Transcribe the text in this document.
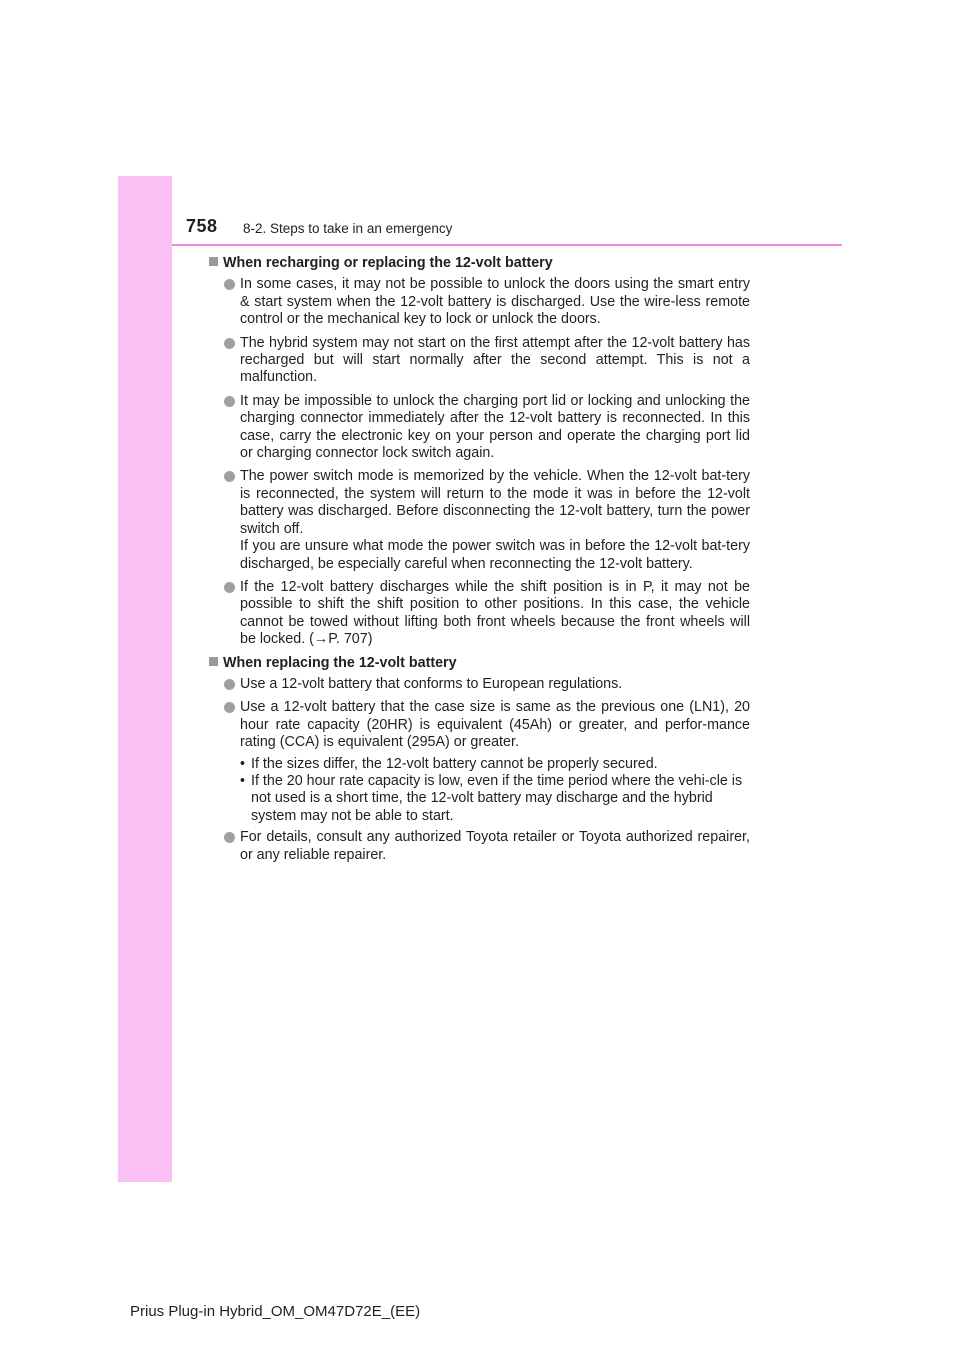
758 8-2. Steps to take in an emergency
When recharging or replacing the 12-volt battery
In some cases, it may not be possible to unlock the doors using the smart entry & start system when the 12-volt battery is discharged. Use the wire-less remote control or the mechanical key to lock or unlock the doors.
The hybrid system may not start on the first attempt after the 12-volt battery has recharged but will start normally after the second attempt. This is not a malfunction.
It may be impossible to unlock the charging port lid or locking and unlocking the charging connector immediately after the 12-volt battery is reconnected. In this case, carry the electronic key on your person and operate the charging port lid or charging connector lock switch again.

The power switch mode is memorized by the vehicle. When the 12-volt bat-tery is reconnected, the system will return to the mode it was in before the 12-volt battery was discharged. Before disconnecting the 12-volt battery, turn the power switch off.

If you are unsure what mode the power switch was in before the 12-volt bat-tery discharged, be especially careful when reconnecting the 12-volt battery.

If the 12-volt battery discharges while the shift position is in P, it may not be possible to shift the shift position to other positions. In this case, the vehicle cannot be towed without lifting both front wheels because the front wheels will be locked. (→P. 707)
When replacing the 12-volt battery
Use a 12-volt battery that conforms to European regulations.
Use a 12-volt battery that the case size is same as the previous one (LN1), 20 hour rate capacity (20HR) is equivalent (45Ah) or greater, and perfor-mance rating (CCA) is equivalent (295A) or greater.
• If the sizes differ, the 12-volt battery cannot be properly secured.
• If the 20 hour rate capacity is low, even if the time period where the vehi-cle is not used is a short time, the 12-volt battery may discharge and the hybrid system may not be able to start.
For details, consult any authorized Toyota retailer or Toyota authorized repairer, or any reliable repairer.
Prius Plug-in Hybrid_OM_OM47D72E_(EE)
